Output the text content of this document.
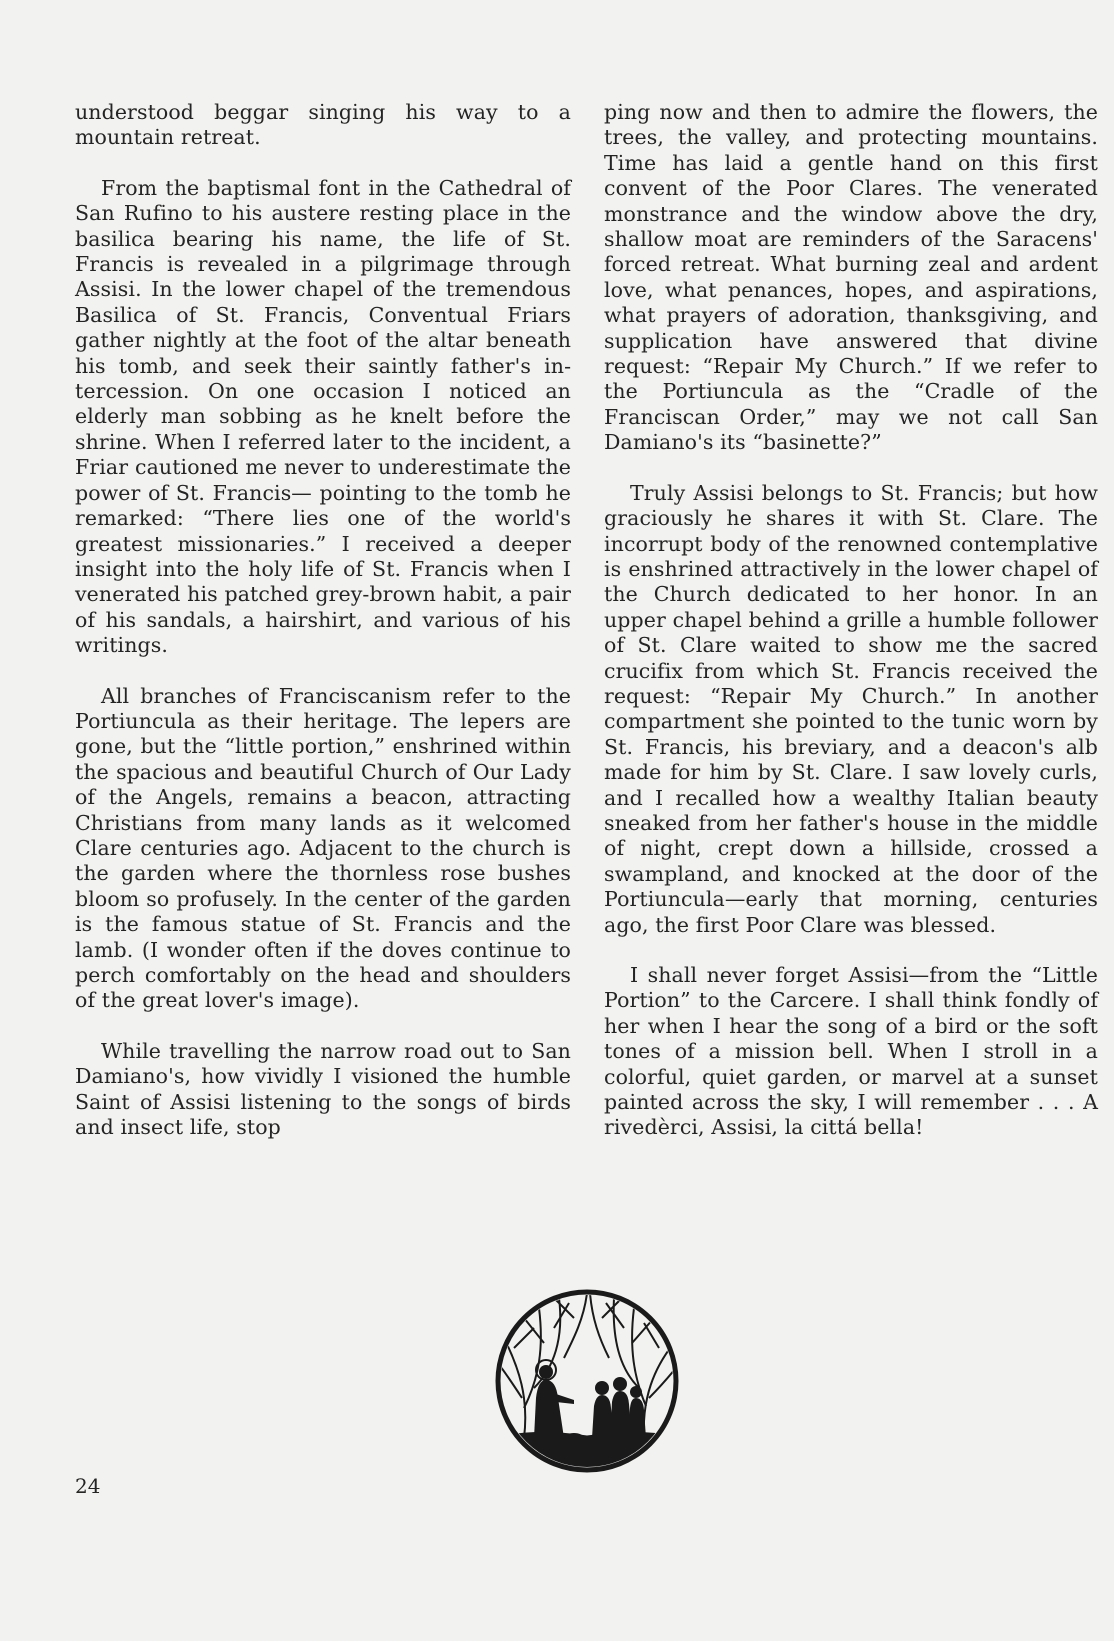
understood beggar singing his way to a mountain retreat.

From the baptismal font in the Cathedral of San Rufino to his austere resting place in the basilica bearing his name, the life of St. Francis is revealed in a pilgrimage through Assisi. In the lower chapel of the tremendous Basilica of St. Francis, Conventual Friars gather nightly at the foot of the altar beneath his tomb, and seek their saintly father's intercession. On one occasion I noticed an elderly man sobbing as he knelt before the shrine. When I referred later to the incident, a Friar cautioned me never to underestimate the power of St. Francis— pointing to the tomb he remarked: “There lies one of the world's greatest missionaries.” I received a deeper insight into the holy life of St. Francis when I venerated his patched grey-brown habit, a pair of his sandals, a hairshirt, and various of his writings.

All branches of Franciscanism refer to the Portiuncula as their heritage. The lepers are gone, but the “little portion,” enshrined within the spacious and beautiful Church of Our Lady of the Angels, remains a beacon, attracting Christians from many lands as it welcomed Clare centuries ago. Adjacent to the church is the garden where the thornless rose bushes bloom so profusely. In the center of the garden is the famous statue of St. Francis and the lamb. (I wonder often if the doves continue to perch comfortably on the head and shoulders of the great lover's image).

While travelling the narrow road out to San Damiano's, how vividly I visioned the humble Saint of Assisi listening to the songs of birds and insect life, stop

ping now and then to admire the flowers, the trees, the valley, and protecting mountains. Time has laid a gentle hand on this first convent of the Poor Clares. The venerated monstrance and the window above the dry, shallow moat are reminders of the Saracens' forced retreat. What burning zeal and ardent love, what penances, hopes, and aspirations, what prayers of adoration, thanksgiving, and supplication have answered that divine request: “Repair My Church.” If we refer to the Portiuncula as the “Cradle of the Franciscan Order,” may we not call San Damiano's its “basinette?”

Truly Assisi belongs to St. Francis; but how graciously he shares it with St. Clare. The incorrupt body of the renowned contemplative is enshrined attractively in the lower chapel of the Church dedicated to her honor. In an upper chapel behind a grille a humble follower of St. Clare waited to show me the sacred crucifix from which St. Francis received the request: “Repair My Church.” In another compartment she pointed to the tunic worn by St. Francis, his breviary, and a deacon's alb made for him by St. Clare. I saw lovely curls, and I recalled how a wealthy Italian beauty sneaked from her father's house in the middle of night, crept down a hillside, crossed a swampland, and knocked at the door of the Portiuncula—early that morning, centuries ago, the first Poor Clare was blessed.

I shall never forget Assisi—from the “Little Portion” to the Carcere. I shall think fondly of her when I hear the song of a bird or the soft tones of a mission bell. When I stroll in a colorful, quiet garden, or marvel at a sunset painted across the sky, I will remember . . . A rivedèrci, Assisi, la cittá bella!

24
